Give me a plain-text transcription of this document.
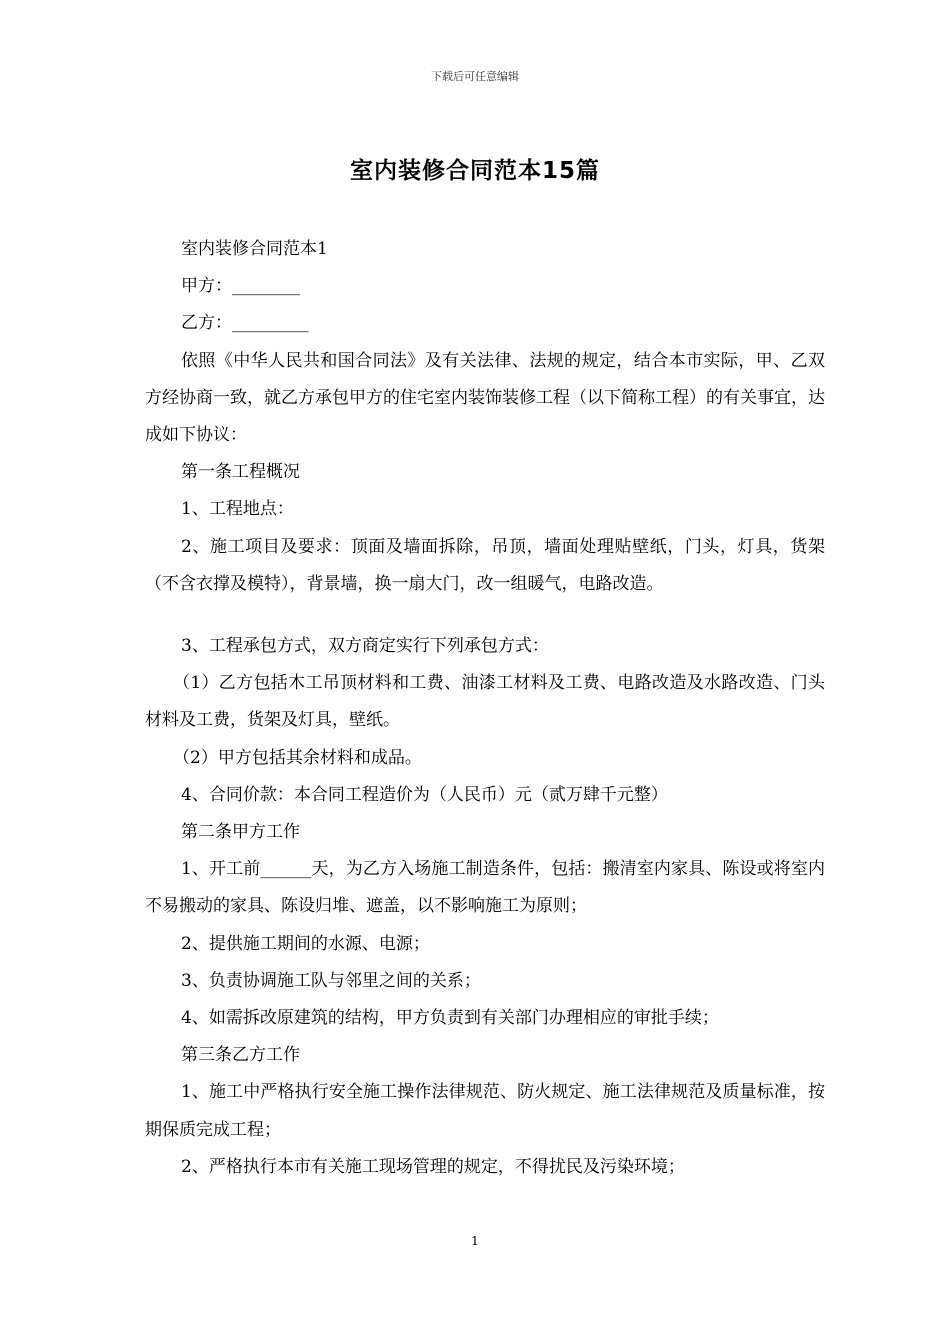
下载后可任意编辑
室内装修合同范本15篇

室内装修合同范本1

甲方：________

乙方：_________

依照《中华人民共和国合同法》及有关法律、法规的规定，结合本市实际，甲、乙双方经协商一致，就乙方承包甲方的住宅室内装饰装修工程（以下简称工程）的有关事宜，达成如下协议：

第一条工程概况

1、工程地点：

2、施工项目及要求：顶面及墙面拆除，吊顶，墙面处理贴壁纸，门头，灯具，货架（不含衣撑及模特），背景墙，换一扇大门，改一组暖气，电路改造。

3、工程承包方式，双方商定实行下列承包方式：

（1）乙方包括木工吊顶材料和工费、油漆工材料及工费、电路改造及水路改造、门头材料及工费，货架及灯具，壁纸。

（2）甲方包括其余材料和成品。

4、合同价款：本合同工程造价为（人民币）元（贰万肆千元整）

第二条甲方工作

1、开工前______天，为乙方入场施工制造条件，包括：搬清室内家具、陈设或将室内不易搬动的家具、陈设归堆、遮盖，以不影响施工为原则；

2、提供施工期间的水源、电源；

3、负责协调施工队与邻里之间的关系；

4、如需拆改原建筑的结构，甲方负责到有关部门办理相应的审批手续；

第三条乙方工作

1、施工中严格执行安全施工操作法律规范、防火规定、施工法律规范及质量标准，按期保质完成工程；

2、严格执行本市有关施工现场管理的规定，不得扰民及污染环境；

1
